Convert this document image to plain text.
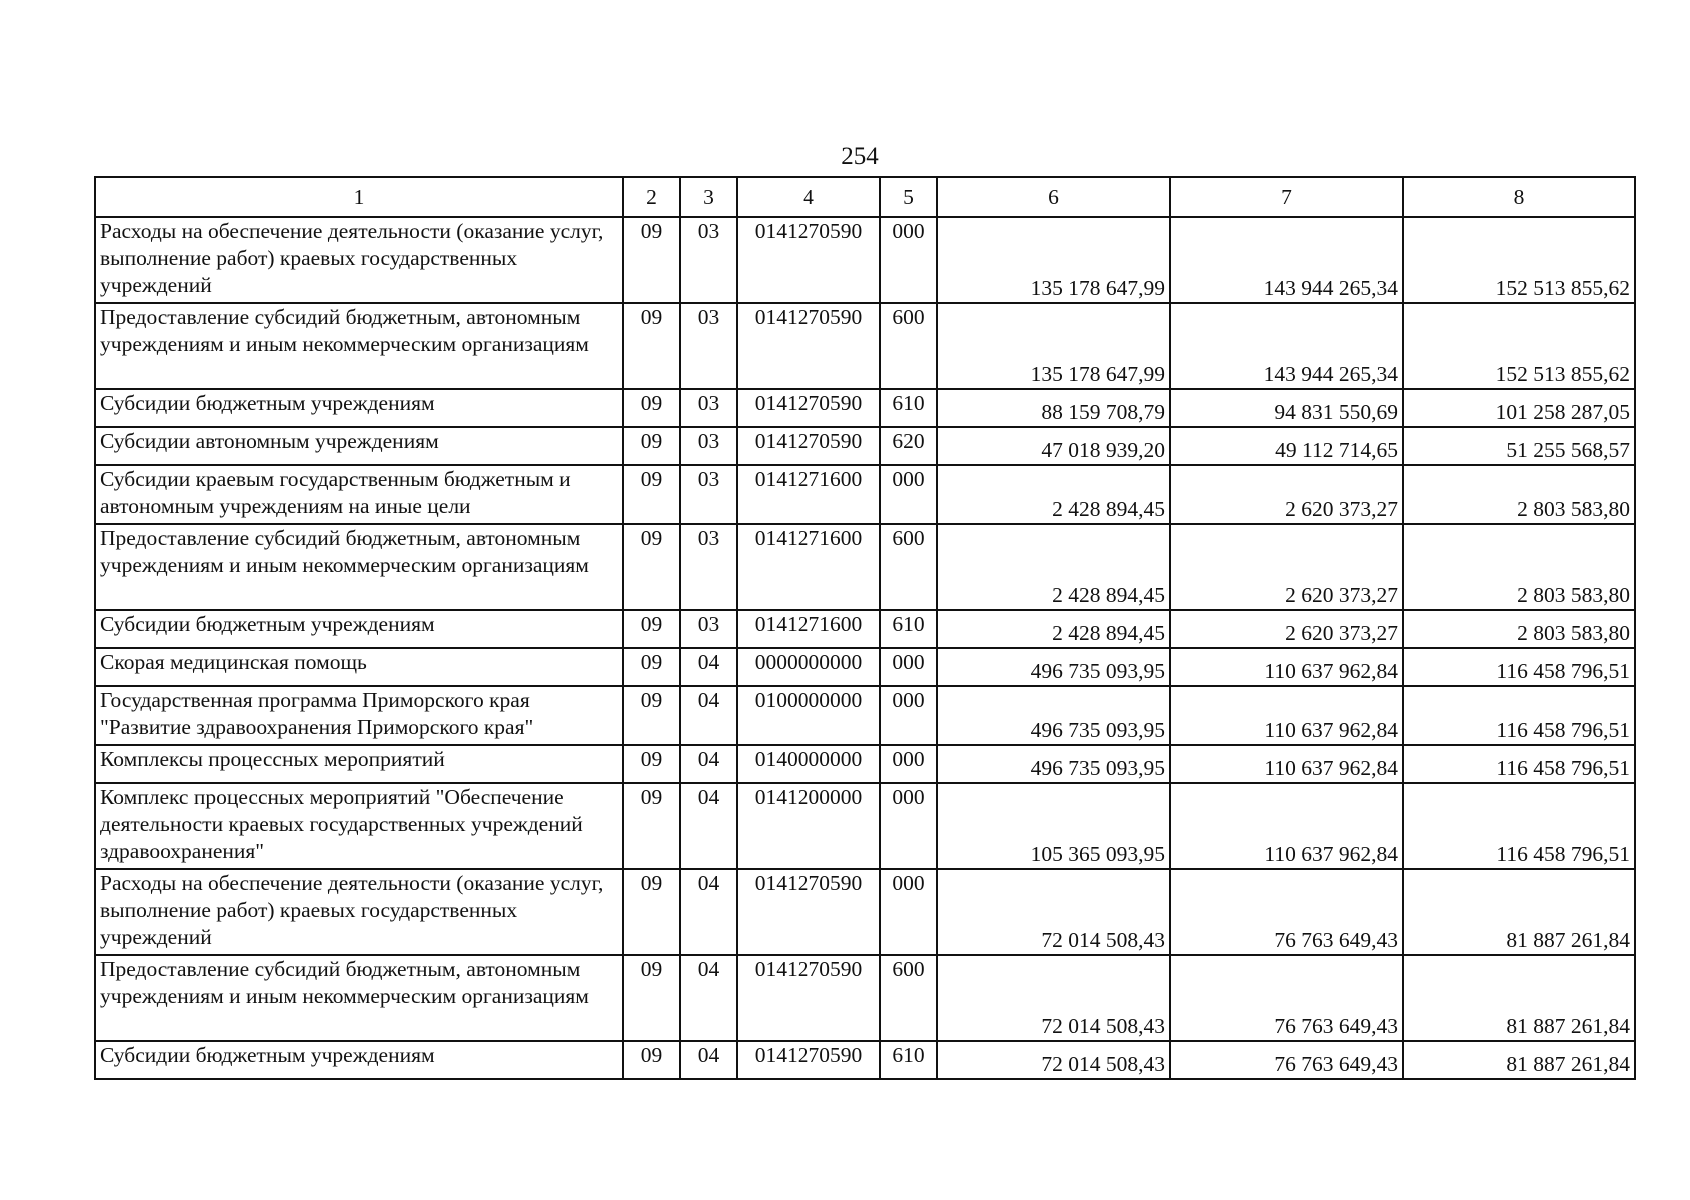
254
1	2	3	4	5	6	7	8
Расходы на обеспечение деятельности (оказание услуг, выполнение работ) краевых государственных учреждений	09	03	0141270590	000	135 178 647,99	143 944 265,34	152 513 855,62
Предоставление субсидий бюджетным, автономным учреждениям и иным некоммерческим организациям	09	03	0141270590	600	135 178 647,99	143 944 265,34	152 513 855,62
Субсидии бюджетным учреждениям	09	03	0141270590	610	88 159 708,79	94 831 550,69	101 258 287,05
Субсидии автономным учреждениям	09	03	0141270590	620	47 018 939,20	49 112 714,65	51 255 568,57
Субсидии краевым государственным бюджетным и автономным учреждениям на иные цели	09	03	0141271600	000	2 428 894,45	2 620 373,27	2 803 583,80
Предоставление субсидий бюджетным, автономным учреждениям и иным некоммерческим организациям	09	03	0141271600	600	2 428 894,45	2 620 373,27	2 803 583,80
Субсидии бюджетным учреждениям	09	03	0141271600	610	2 428 894,45	2 620 373,27	2 803 583,80
Скорая медицинская помощь	09	04	0000000000	000	496 735 093,95	110 637 962,84	116 458 796,51
Государственная программа Приморского края "Развитие здравоохранения Приморского края"	09	04	0100000000	000	496 735 093,95	110 637 962,84	116 458 796,51
Комплексы процессных мероприятий	09	04	0140000000	000	496 735 093,95	110 637 962,84	116 458 796,51
Комплекс процессных мероприятий "Обеспечение деятельности краевых государственных учреждений здравоохранения"	09	04	0141200000	000	105 365 093,95	110 637 962,84	116 458 796,51
Расходы на обеспечение деятельности (оказание услуг, выполнение работ) краевых государственных учреждений	09	04	0141270590	000	72 014 508,43	76 763 649,43	81 887 261,84
Предоставление субсидий бюджетным, автономным учреждениям и иным некоммерческим организациям	09	04	0141270590	600	72 014 508,43	76 763 649,43	81 887 261,84
Субсидии бюджетным учреждениям	09	04	0141270590	610	72 014 508,43	76 763 649,43	81 887 261,84
